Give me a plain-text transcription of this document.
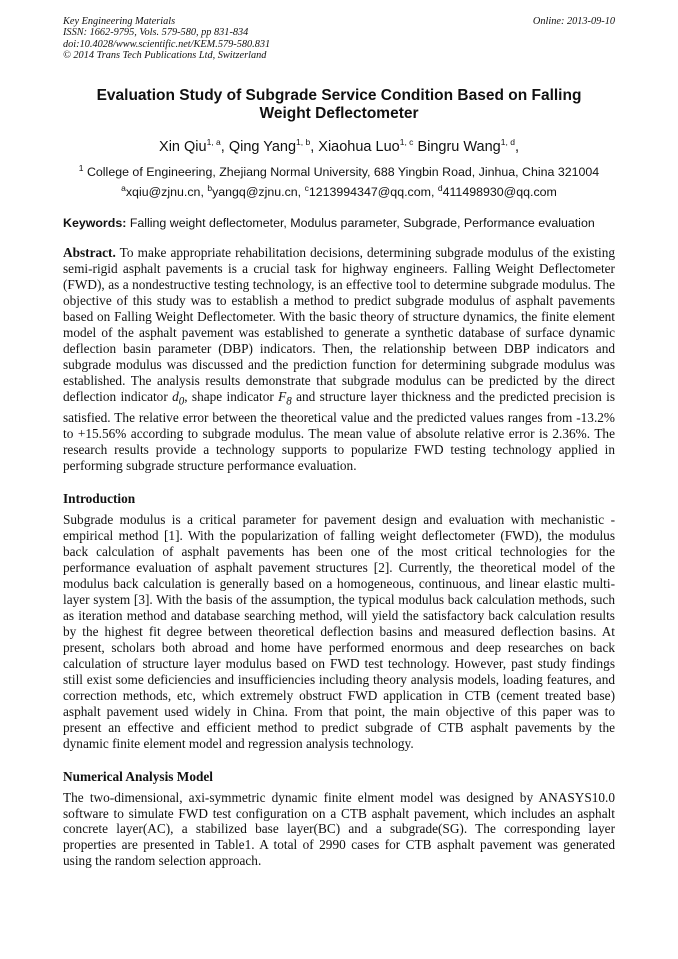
Key Engineering Materials
ISSN: 1662-9795, Vols. 579-580, pp 831-834
doi:10.4028/www.scientific.net/KEM.579-580.831
© 2014 Trans Tech Publications Ltd, Switzerland
Online: 2013-09-10
Evaluation Study of Subgrade Service Condition Based on Falling Weight Deflectometer
Xin Qiu$^{1, a}$, Qing Yang$^{1, b}$, Xiaohua Luo$^{1, c}$ Bingru Wang$^{1, d}$,
$^1$ College of Engineering, Zhejiang Normal University, 688 Yingbin Road, Jinhua, China 321004
$^a$xqiu@zjnu.cn, $^b$yangq@zjnu.cn, $^c$1213994347@qq.com, $^d$411498930@qq.com
Keywords: Falling weight deflectometer, Modulus parameter, Subgrade, Performance evaluation

Abstract. To make appropriate rehabilitation decisions, determining subgrade modulus of the existing semi-rigid asphalt pavements is a crucial task for highway engineers. Falling Weight Deflectometer (FWD), as a nondestructive testing technology, is an effective tool to determine subgrade modulus. The objective of this study was to establish a method to predict subgrade modulus of asphalt pavements based on Falling Weight Deflectometer. With the basic theory of structure dynamics, the finite element model of the asphalt pavement was established to generate a synthetic database of surface dynamic deflection basin parameter (DBP) indicators. Then, the relationship between DBP indicators and subgrade modulus was discussed and the prediction function for determining subgrade modulus was established. The analysis results demonstrate that subgrade modulus can be predicted by the direct deflection indicator $d_0$, shape indicator $F_8$ and structure layer thickness and the predicted precision is satisfied. The relative error between the theoretical value and the predicted values ranges from -13.2% to +15.56% according to subgrade modulus. The mean value of absolute relative error is 2.36%. The research results provide a technology supports to popularize FWD testing technology applied in performing subgrade structure performance evaluation.

Introduction

Subgrade modulus is a critical parameter for pavement design and evaluation with mechanistic -empirical method [1]. With the popularization of falling weight deflectometer (FWD), the modulus back calculation of asphalt pavements has been one of the most critical technologies for the performance evaluation of asphalt pavement structures [2]. Currently, the theoretical model of the modulus back calculation is generally based on a homogeneous, continuous, and linear elastic multi-layer system [3]. With the basis of the assumption, the typical modulus back calculation methods, such as iteration method and database searching method, will yield the satisfactory back calculation results by the highest fit degree between theoretical deflection basins and measured deflection basins. At present, scholars both abroad and home have performed enormous and deep researches on back calculation of structure layer modulus based on FWD test technology. However, past study findings still exist some deficiencies and insufficiencies including theory analysis models, loading features, and correction methods, etc, which extremely obstruct FWD application in CTB (cement treated base) asphalt pavement used widely in China. From that point, the main objective of this paper was to present an effective and efficient method to predict subgrade of CTB asphalt pavements by the dynamic finite element model and regression analysis technology.

Numerical Analysis Model

The two-dimensional, axi-symmetric dynamic finite elment model was designed by ANASYS10.0 software to simulate FWD test configuration on a CTB asphalt pavement, which includes an asphalt concrete layer(AC), a stabilized base layer(BC) and a subgrade(SG). The corresponding layer properties are presented in Table1. A total of 2990 cases for CTB asphalt pavement was generated using the random selection approach.
